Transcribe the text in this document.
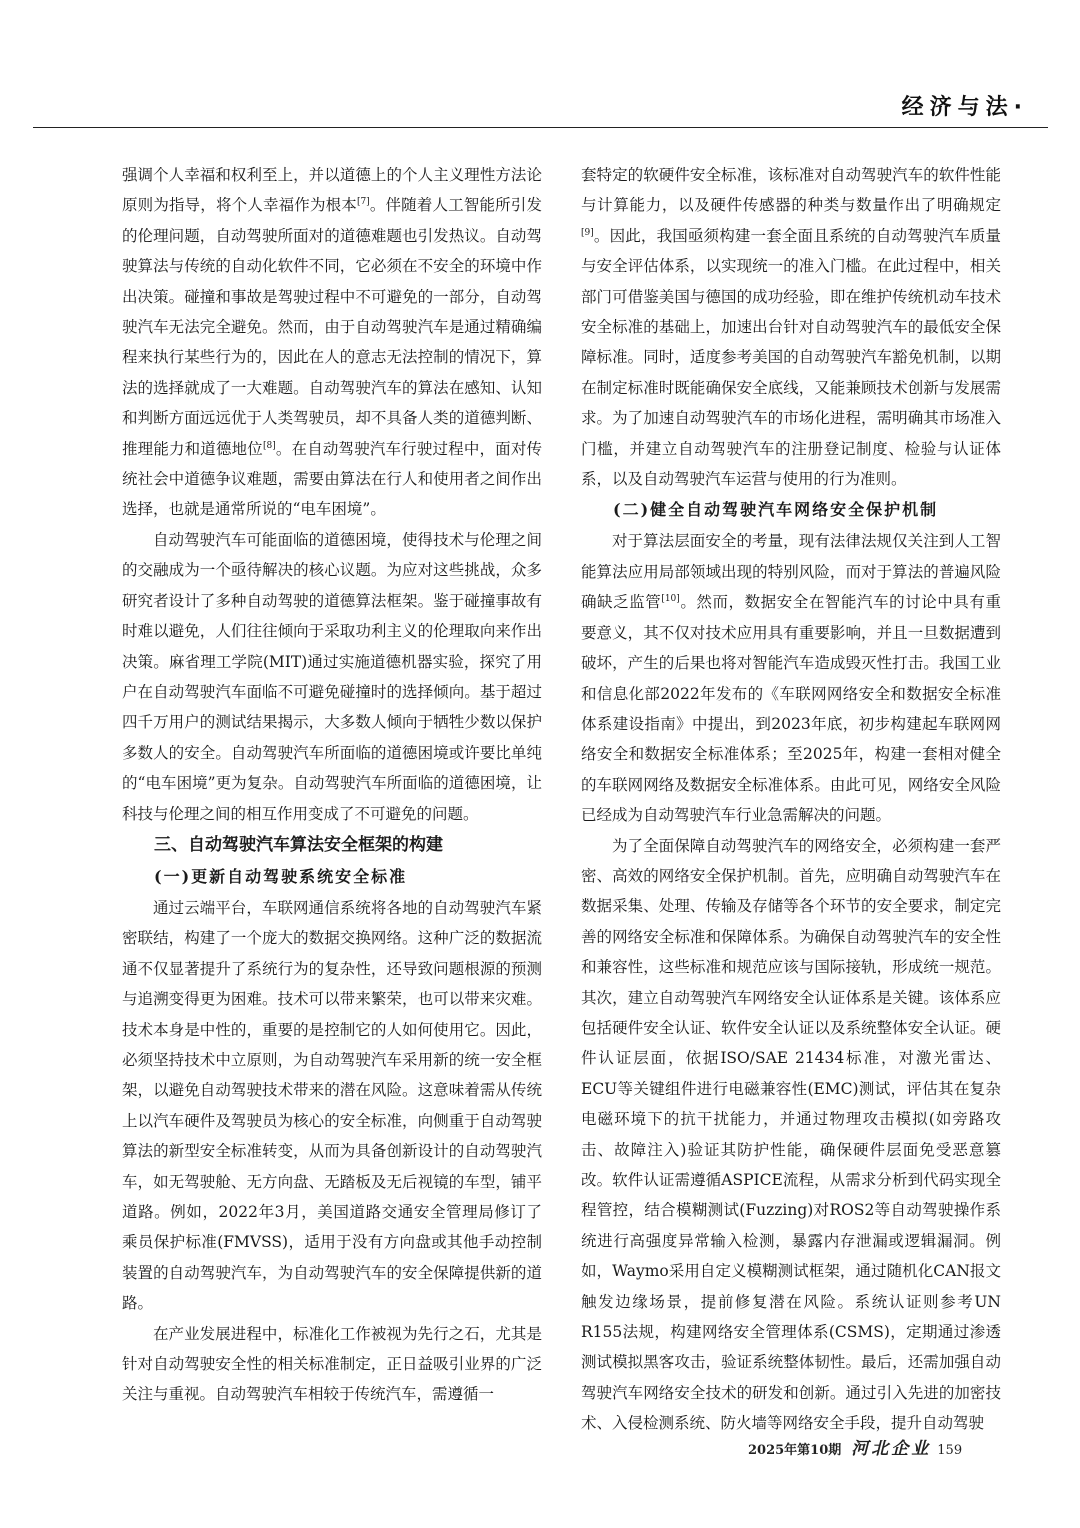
经济与法·

强调个人幸福和权利至上，并以道德上的个人主义理性方法论原则为指导，将个人幸福作为根本[7]。伴随着人工智能所引发的伦理问题，自动驾驶所面对的道德难题也引发热议。自动驾驶算法与传统的自动化软件不同，它必须在不安全的环境中作出决策。碰撞和事故是驾驶过程中不可避免的一部分，自动驾驶汽车无法完全避免。然而，由于自动驾驶汽车是通过精确编程来执行某些行为的，因此在人的意志无法控制的情况下，算法的选择就成了一大难题。自动驾驶汽车的算法在感知、认知和判断方面远远优于人类驾驶员，却不具备人类的道德判断、推理能力和道德地位[8]。在自动驾驶汽车行驶过程中，面对传统社会中道德争议难题，需要由算法在行人和使用者之间作出选择，也就是通常所说的“电车困境”。

自动驾驶汽车可能面临的道德困境，使得技术与伦理之间的交融成为一个亟待解决的核心议题。为应对这些挑战，众多研究者设计了多种自动驾驶的道德算法框架。鉴于碰撞事故有时难以避免，人们往往倾向于采取功利主义的伦理取向来作出决策。麻省理工学院(MIT)通过实施道德机器实验，探究了用户在自动驾驶汽车面临不可避免碰撞时的选择倾向。基于超过四千万用户的测试结果揭示，大多数人倾向于牺牲少数以保护多数人的安全。自动驾驶汽车所面临的道德困境或许要比单纯的“电车困境”更为复杂。自动驾驶汽车所面临的道德困境，让科技与伦理之间的相互作用变成了不可避免的问题。

三、自动驾驶汽车算法安全框架的构建
(一)更新自动驾驶系统安全标准

通过云端平台，车联网通信系统将各地的自动驾驶汽车紧密联结，构建了一个庞大的数据交换网络。这种广泛的数据流通不仅显著提升了系统行为的复杂性，还导致问题根源的预测与追溯变得更为困难。技术可以带来繁荣，也可以带来灾难。技术本身是中性的，重要的是控制它的人如何使用它。因此，必须坚持技术中立原则，为自动驾驶汽车采用新的统一安全框架，以避免自动驾驶技术带来的潜在风险。这意味着需从传统上以汽车硬件及驾驶员为核心的安全标准，向侧重于自动驾驶算法的新型安全标准转变，从而为具备创新设计的自动驾驶汽车，如无驾驶舱、无方向盘、无踏板及无后视镜的车型，铺平道路。例如，2022年3月，美国道路交通安全管理局修订了乘员保护标准(FMVSS)，适用于没有方向盘或其他手动控制装置的自动驾驶汽车，为自动驾驶汽车的安全保障提供新的道路。

在产业发展进程中，标准化工作被视为先行之石，尤其是针对自动驾驶安全性的相关标准制定，正日益吸引业界的广泛关注与重视。自动驾驶汽车相较于传统汽车，需遵循一

套特定的软硬件安全标准，该标准对自动驾驶汽车的软件性能与计算能力，以及硬件传感器的种类与数量作出了明确规定[9]。因此，我国亟须构建一套全面且系统的自动驾驶汽车质量与安全评估体系，以实现统一的准入门槛。在此过程中，相关部门可借鉴美国与德国的成功经验，即在维护传统机动车技术安全标准的基础上，加速出台针对自动驾驶汽车的最低安全保障标准。同时，适度参考美国的自动驾驶汽车豁免机制，以期在制定标准时既能确保安全底线，又能兼顾技术创新与发展需求。为了加速自动驾驶汽车的市场化进程，需明确其市场准入门槛，并建立自动驾驶汽车的注册登记制度、检验与认证体系，以及自动驾驶汽车运营与使用的行为准则。

(二)健全自动驾驶汽车网络安全保护机制

对于算法层面安全的考量，现有法律法规仅关注到人工智能算法应用局部领域出现的特别风险，而对于算法的普遍风险确缺乏监管[10]。然而，数据安全在智能汽车的讨论中具有重要意义，其不仅对技术应用具有重要影响，并且一旦数据遭到破坏，产生的后果也将对智能汽车造成毁灭性打击。我国工业和信息化部2022年发布的《车联网网络安全和数据安全标准体系建设指南》中提出，到2023年底，初步构建起车联网网络安全和数据安全标准体系；至2025年，构建一套相对健全的车联网网络及数据安全标准体系。由此可见，网络安全风险已经成为自动驾驶汽车行业急需解决的问题。

为了全面保障自动驾驶汽车的网络安全，必须构建一套严密、高效的网络安全保护机制。首先，应明确自动驾驶汽车在数据采集、处理、传输及存储等各个环节的安全要求，制定完善的网络安全标准和保障体系。为确保自动驾驶汽车的安全性和兼容性，这些标准和规范应该与国际接轨，形成统一规范。其次，建立自动驾驶汽车网络安全认证体系是关键。该体系应包括硬件安全认证、软件安全认证以及系统整体安全认证。硬件认证层面，依据ISO/SAE 21434标准，对激光雷达、ECU等关键组件进行电磁兼容性(EMC)测试，评估其在复杂电磁环境下的抗干扰能力，并通过物理攻击模拟(如旁路攻击、故障注入)验证其防护性能，确保硬件层面免受恶意篡改。软件认证需遵循ASPICE流程，从需求分析到代码实现全程管控，结合模糊测试(Fuzzing)对ROS2等自动驾驶操作系统进行高强度异常输入检测，暴露内存泄漏或逻辑漏洞。例如，Waymo采用自定义模糊测试框架，通过随机化CAN报文触发边缘场景，提前修复潜在风险。系统认证则参考UN R155法规，构建网络安全管理体系(CSMS)，定期通过渗透测试模拟黑客攻击，验证系统整体韧性。最后，还需加强自动驾驶汽车网络安全技术的研发和创新。通过引入先进的加密技术、入侵检测系统、防火墙等网络安全手段，提升自动驾驶

2025年第10期 河北企业 159
